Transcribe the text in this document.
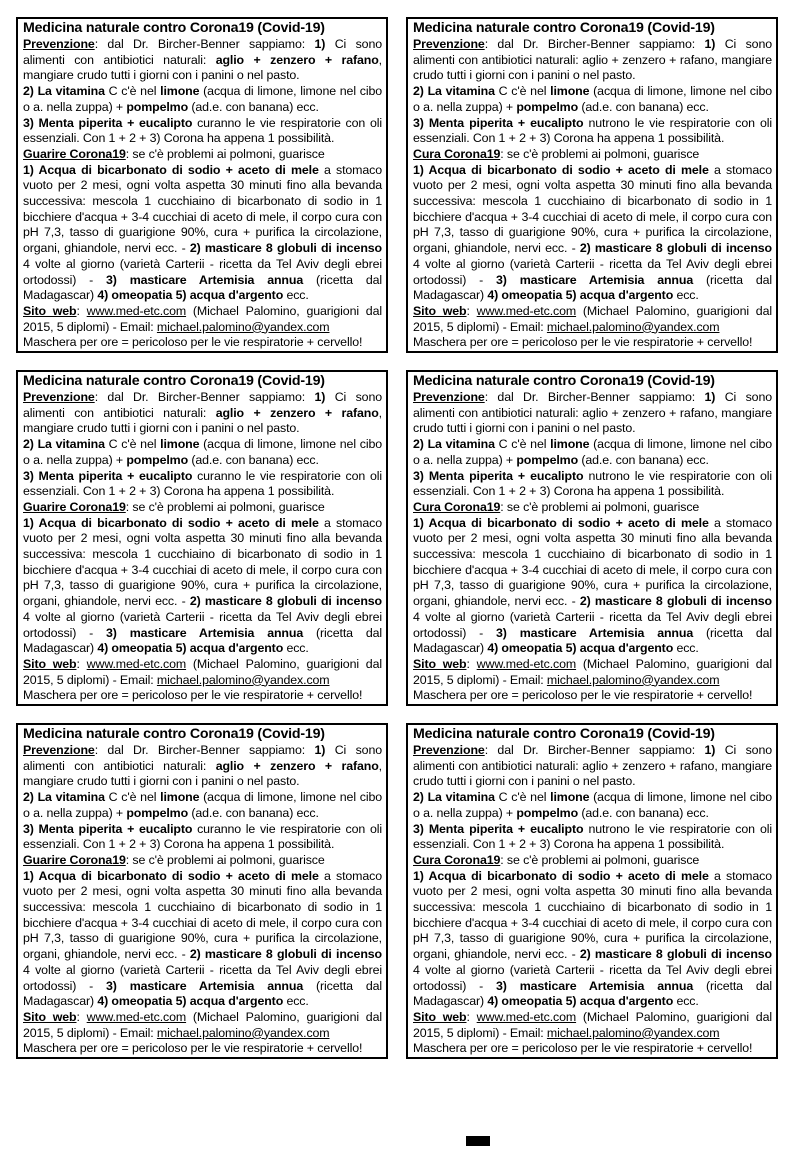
Medicina naturale contro Corona19 (Covid-19)

Prevenzione: dal Dr. Bircher-Benner sappiamo: 1) Ci sono alimenti con antibiotici naturali: aglio + zenzero + rafano, mangiare crudo tutti i giorni con i panini o nel pasto.

2) La vitamina C c'è nel limone (acqua di limone, limone nel cibo o a. nella zuppa) + pompelmo (ad.e. con banana) ecc.

3) Menta piperita + eucalipto curanno le vie respiratorie con oli essenziali. Con 1 + 2 + 3) Corona ha appena 1 possibilità.

Guarire Corona19: se c'è problemi ai polmoni, guarisce

1) Acqua di bicarbonato di sodio + aceto di mele a stomaco vuoto per 2 mesi, ogni volta aspetta 30 minuti fino alla bevanda successiva: mescola 1 cucchiaino di bicarbonato di sodio in 1 bicchiere d'acqua + 3-4 cucchiai di aceto di mele, il corpo cura con pH 7,3, tasso di guarigione 90%, cura + purifica la circolazione, organi, ghiandole, nervi ecc. - 2) masticare 8 globuli di incenso 4 volte al giorno (varietà Carterii - ricetta da Tel Aviv degli ebrei ortodossi) - 3) masticare Artemisia annua (ricetta dal Madagascar) 4) omeopatia 5) acqua d'argento ecc.

Sito web: www.med-etc.com (Michael Palomino, guarigioni dal 2015, 5 diplomi) - Email: michael.palomino@yandex.com

Maschera per ore = pericoloso per le vie respiratorie + cervello!

Medicina naturale contro Corona19 (Covid-19)

Prevenzione: dal Dr. Bircher-Benner sappiamo: 1) Ci sono alimenti con antibiotici naturali: aglio + zenzero + rafano, mangiare crudo tutti i giorni con i panini o nel pasto.

2) La vitamina C c'è nel limone (acqua di limone, limone nel cibo o a. nella zuppa) + pompelmo (ad.e. con banana) ecc.

3) Menta piperita + eucalipto nutrono le vie respiratorie con oli essenziali. Con 1 + 2 + 3) Corona ha appena 1 possibilità.

Cura Corona19: se c'è problemi ai polmoni, guarisce

1) Acqua di bicarbonato di sodio + aceto di mele a stomaco vuoto per 2 mesi, ogni volta aspetta 30 minuti fino alla bevanda successiva: mescola 1 cucchiaino di bicarbonato di sodio in 1 bicchiere d'acqua + 3-4 cucchiai di aceto di mele, il corpo cura con pH 7,3, tasso di guarigione 90%, cura + purifica la circolazione, organi, ghiandole, nervi ecc. - 2) masticare 8 globuli di incenso 4 volte al giorno (varietà Carterii - ricetta da Tel Aviv degli ebrei ortodossi) - 3) masticare Artemisia annua (ricetta dal Madagascar) 4) omeopatia 5) acqua d'argento ecc.

Sito web: www.med-etc.com (Michael Palomino, guarigioni dal 2015, 5 diplomi) - Email: michael.palomino@yandex.com

Maschera per ore = pericoloso per le vie respiratorie + cervello!

Medicina naturale contro Corona19 (Covid-19)

Prevenzione: dal Dr. Bircher-Benner sappiamo: 1) Ci sono alimenti con antibiotici naturali: aglio + zenzero + rafano, mangiare crudo tutti i giorni con i panini o nel pasto.

2) La vitamina C c'è nel limone (acqua di limone, limone nel cibo o a. nella zuppa) + pompelmo (ad.e. con banana) ecc.

3) Menta piperita + eucalipto curanno le vie respiratorie con oli essenziali. Con 1 + 2 + 3) Corona ha appena 1 possibilità.

Guarire Corona19: se c'è problemi ai polmoni, guarisce

1) Acqua di bicarbonato di sodio + aceto di mele a stomaco vuoto per 2 mesi, ogni volta aspetta 30 minuti fino alla bevanda successiva: mescola 1 cucchiaino di bicarbonato di sodio in 1 bicchiere d'acqua + 3-4 cucchiai di aceto di mele, il corpo cura con pH 7,3, tasso di guarigione 90%, cura + purifica la circolazione, organi, ghiandole, nervi ecc. - 2) masticare 8 globuli di incenso 4 volte al giorno (varietà Carterii - ricetta da Tel Aviv degli ebrei ortodossi) - 3) masticare Artemisia annua (ricetta dal Madagascar) 4) omeopatia 5) acqua d'argento ecc.

Sito web: www.med-etc.com (Michael Palomino, guarigioni dal 2015, 5 diplomi) - Email: michael.palomino@yandex.com

Maschera per ore = pericoloso per le vie respiratorie + cervello!

Medicina naturale contro Corona19 (Covid-19)

Prevenzione: dal Dr. Bircher-Benner sappiamo: 1) Ci sono alimenti con antibiotici naturali: aglio + zenzero + rafano, mangiare crudo tutti i giorni con i panini o nel pasto.

2) La vitamina C c'è nel limone (acqua di limone, limone nel cibo o a. nella zuppa) + pompelmo (ad.e. con banana) ecc.

3) Menta piperita + eucalipto nutrono le vie respiratorie con oli essenziali. Con 1 + 2 + 3) Corona ha appena 1 possibilità.

Cura Corona19: se c'è problemi ai polmoni, guarisce

1) Acqua di bicarbonato di sodio + aceto di mele a stomaco vuoto per 2 mesi, ogni volta aspetta 30 minuti fino alla bevanda successiva: mescola 1 cucchiaino di bicarbonato di sodio in 1 bicchiere d'acqua + 3-4 cucchiai di aceto di mele, il corpo cura con pH 7,3, tasso di guarigione 90%, cura + purifica la circolazione, organi, ghiandole, nervi ecc. - 2) masticare 8 globuli di incenso 4 volte al giorno (varietà Carterii - ricetta da Tel Aviv degli ebrei ortodossi) - 3) masticare Artemisia annua (ricetta dal Madagascar) 4) omeopatia 5) acqua d'argento ecc.

Sito web: www.med-etc.com (Michael Palomino, guarigioni dal 2015, 5 diplomi) - Email: michael.palomino@yandex.com

Maschera per ore = pericoloso per le vie respiratorie + cervello!

Medicina naturale contro Corona19 (Covid-19)

Prevenzione: dal Dr. Bircher-Benner sappiamo: 1) Ci sono alimenti con antibiotici naturali: aglio + zenzero + rafano, mangiare crudo tutti i giorni con i panini o nel pasto.

2) La vitamina C c'è nel limone (acqua di limone, limone nel cibo o a. nella zuppa) + pompelmo (ad.e. con banana) ecc.

3) Menta piperita + eucalipto curanno le vie respiratorie con oli essenziali. Con 1 + 2 + 3) Corona ha appena 1 possibilità.

Guarire Corona19: se c'è problemi ai polmoni, guarisce

1) Acqua di bicarbonato di sodio + aceto di mele a stomaco vuoto per 2 mesi, ogni volta aspetta 30 minuti fino alla bevanda successiva: mescola 1 cucchiaino di bicarbonato di sodio in 1 bicchiere d'acqua + 3-4 cucchiai di aceto di mele, il corpo cura con pH 7,3, tasso di guarigione 90%, cura + purifica la circolazione, organi, ghiandole, nervi ecc. - 2) masticare 8 globuli di incenso 4 volte al giorno (varietà Carterii - ricetta da Tel Aviv degli ebrei ortodossi) - 3) masticare Artemisia annua (ricetta dal Madagascar) 4) omeopatia 5) acqua d'argento ecc.

Sito web: www.med-etc.com (Michael Palomino, guarigioni dal 2015, 5 diplomi) - Email: michael.palomino@yandex.com

Maschera per ore = pericoloso per le vie respiratorie + cervello!

Medicina naturale contro Corona19 (Covid-19)

Prevenzione: dal Dr. Bircher-Benner sappiamo: 1) Ci sono alimenti con antibiotici naturali: aglio + zenzero + rafano, mangiare crudo tutti i giorni con i panini o nel pasto.

2) La vitamina C c'è nel limone (acqua di limone, limone nel cibo o a. nella zuppa) + pompelmo (ad.e. con banana) ecc.

3) Menta piperita + eucalipto nutrono le vie respiratorie con oli essenziali. Con 1 + 2 + 3) Corona ha appena 1 possibilità.

Cura Corona19: se c'è problemi ai polmoni, guarisce

1) Acqua di bicarbonato di sodio + aceto di mele a stomaco vuoto per 2 mesi, ogni volta aspetta 30 minuti fino alla bevanda successiva: mescola 1 cucchiaino di bicarbonato di sodio in 1 bicchiere d'acqua + 3-4 cucchiai di aceto di mele, il corpo cura con pH 7,3, tasso di guarigione 90%, cura + purifica la circolazione, organi, ghiandole, nervi ecc. - 2) masticare 8 globuli di incenso 4 volte al giorno (varietà Carterii - ricetta da Tel Aviv degli ebrei ortodossi) - 3) masticare Artemisia annua (ricetta dal Madagascar) 4) omeopatia 5) acqua d'argento ecc.

Sito web: www.med-etc.com (Michael Palomino, guarigioni dal 2015, 5 diplomi) - Email: michael.palomino@yandex.com

Maschera per ore = pericoloso per le vie respiratorie + cervello!
